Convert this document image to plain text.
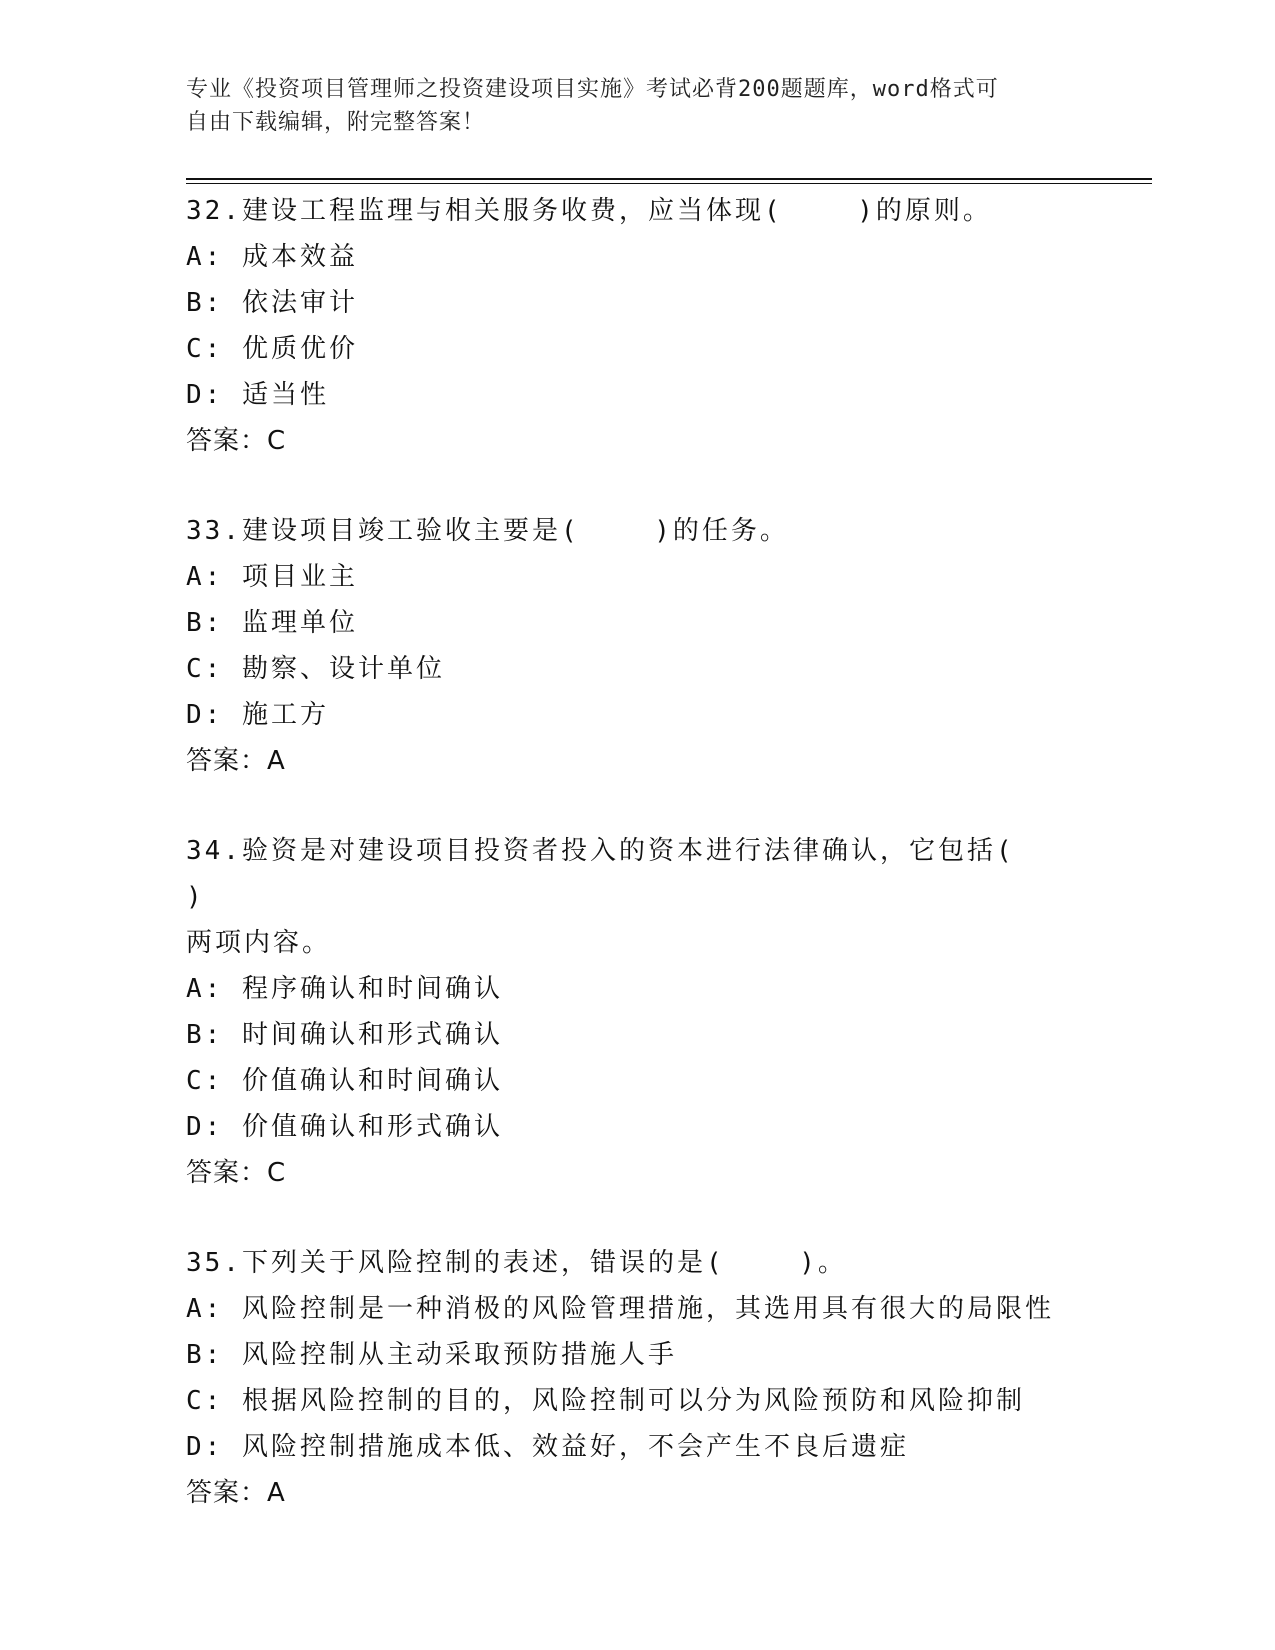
专业《投资项目管理师之投资建设项目实施》考试必背200题题库，word格式可
自由下载编辑，附完整答案！
32.建设工程监理与相关服务收费，应当体现(    )的原则。
A: 成本效益
B: 依法审计
C: 优质优价
D: 适当性
答案：C
33.建设项目竣工验收主要是(    )的任务。
A: 项目业主
B: 监理单位
C: 勘察、设计单位
D: 施工方
答案：A
34.验资是对建设项目投资者投入的资本进行法律确认，它包括(    )
两项内容。
A: 程序确认和时间确认
B: 时间确认和形式确认
C: 价值确认和时间确认
D: 价值确认和形式确认
答案：C
35.下列关于风险控制的表述，错误的是(    )。
A: 风险控制是一种消极的风险管理措施，其选用具有很大的局限性
B: 风险控制从主动采取预防措施人手
C: 根据风险控制的目的，风险控制可以分为风险预防和风险抑制
D: 风险控制措施成本低、效益好，不会产生不良后遗症
答案：A
